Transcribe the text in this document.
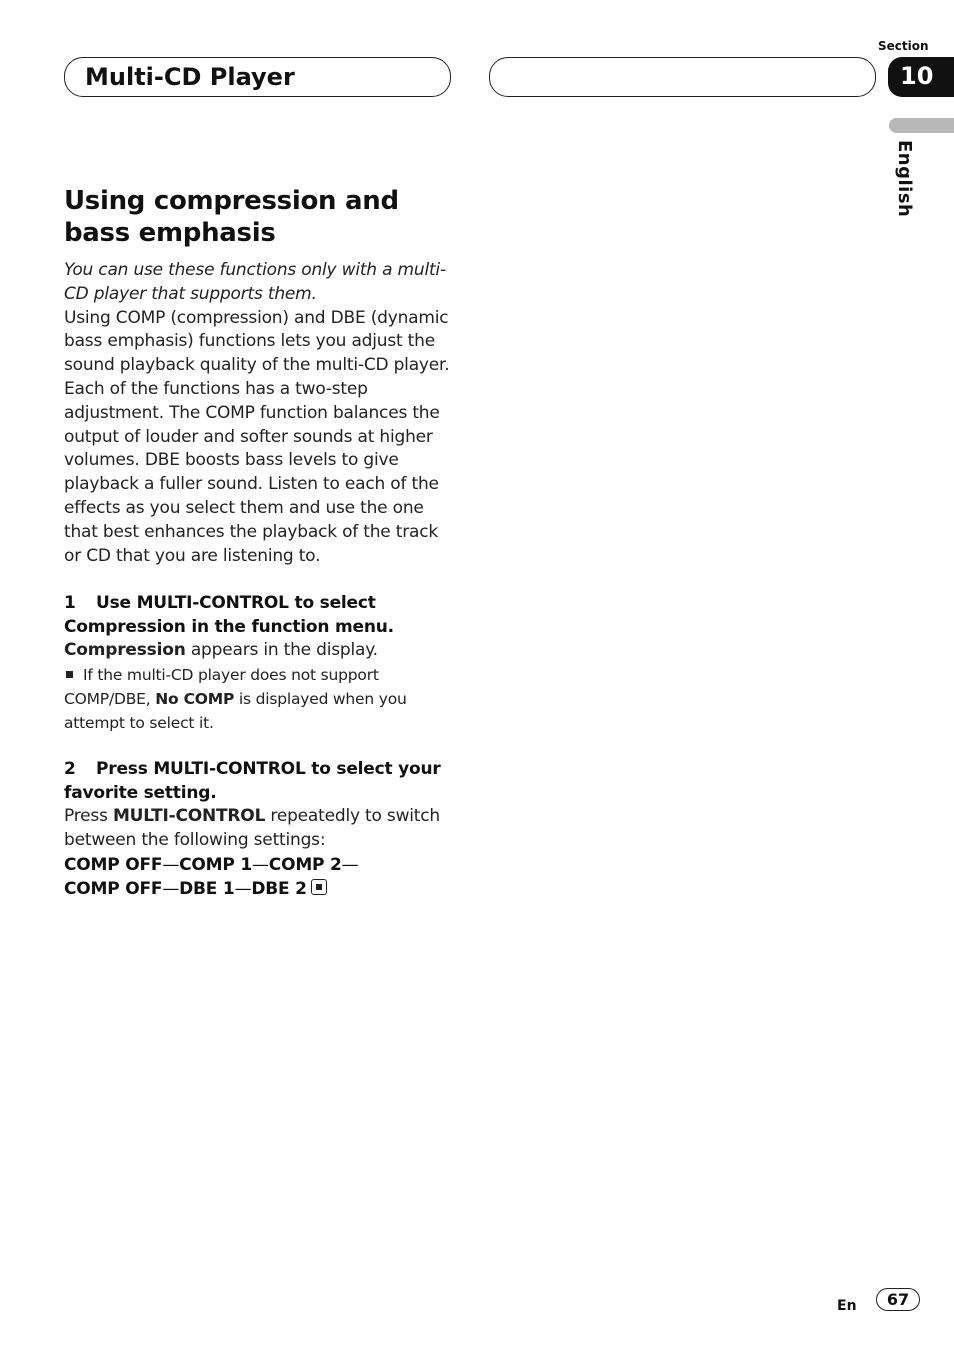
Multi-CD Player
Section
10
English
Using compression and bass emphasis

You can use these functions only with a multi-CD player that supports them.

Using COMP (compression) and DBE (dynamic bass emphasis) functions lets you adjust the sound playback quality of the multi-CD player. Each of the functions has a two-step adjustment. The COMP function balances the output of louder and softer sounds at higher volumes. DBE boosts bass levels to give playback a fuller sound. Listen to each of the effects as you select them and use the one that best enhances the playback of the track or CD that you are listening to.

1 Use MULTI-CONTROL to select Compression in the function menu.

Compression appears in the display.

If the multi-CD player does not support COMP/DBE, No COMP is displayed when you attempt to select it.

2 Press MULTI-CONTROL to select your favorite setting.

Press MULTI-CONTROL repeatedly to switch between the following settings:

COMP OFF—COMP 1—COMP 2—
COMP OFF—DBE 1—DBE 2

En	67
